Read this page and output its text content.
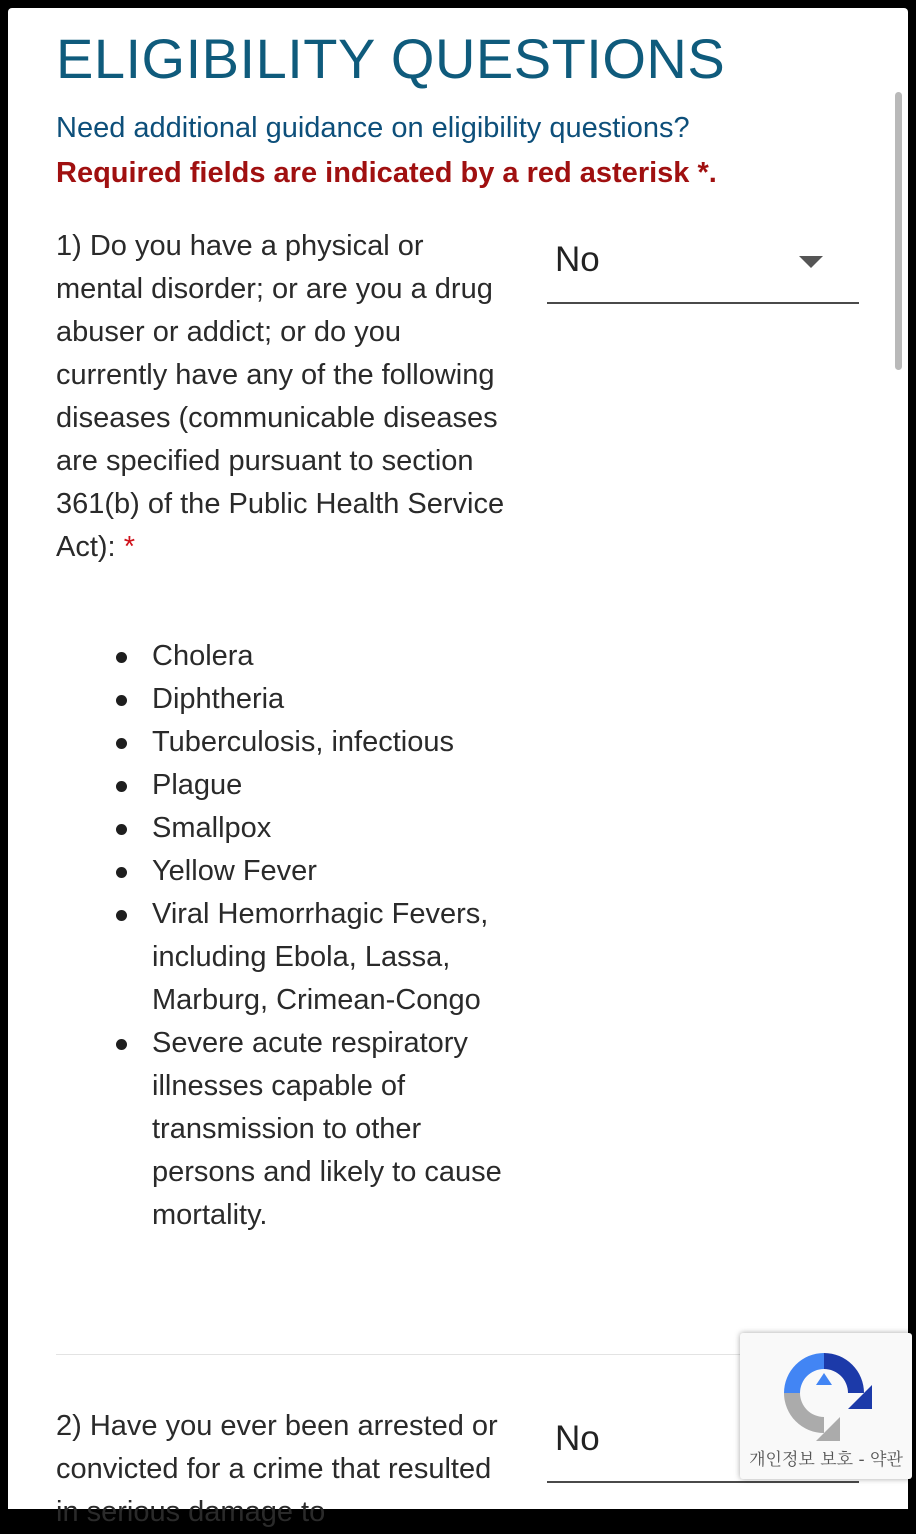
ELIGIBILITY QUESTIONS
Need additional guidance on eligibility questions?
Required fields are indicated by a red asterisk *.
1) Do you have a physical or mental disorder; or are you a drug abuser or addict; or do you currently have any of the following diseases (communicable diseases are specified pursuant to section 361(b) of the Public Health Service Act): *
No
Cholera
Diphtheria
Tuberculosis, infectious
Plague
Smallpox
Yellow Fever
Viral Hemorrhagic Fevers, including Ebola, Lassa, Marburg, Crimean-Congo
Severe acute respiratory illnesses capable of transmission to other persons and likely to cause mortality.
2) Have you ever been arrested or convicted for a crime that resulted in serious damage to
No
개인정보 보호 - 약관
